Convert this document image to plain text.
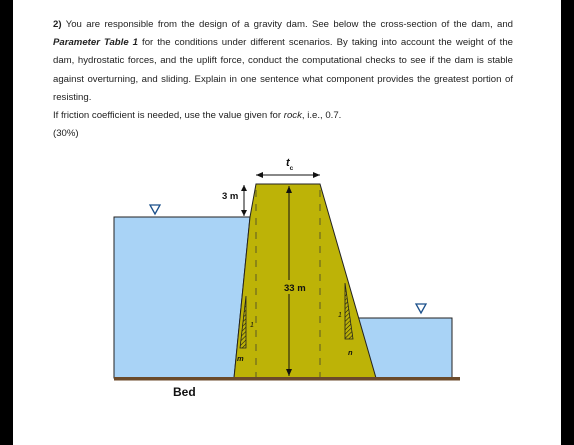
2) You are responsible from the design of a gravity dam. See below the cross-section of the dam, and Parameter Table 1 for the conditions under different scenarios. By taking into account the weight of the dam, hydrostatic forces, and the uplift force, conduct the computational checks to see if the dam is stable against overturning, and sliding. Explain in one sentence what component provides the greatest portion of resisting.

If friction coefficient is needed, use the value given for rock, i.e., 0.7.

(30%)

$t_c$
3 m
33 m
1
m
1
n
Bed
